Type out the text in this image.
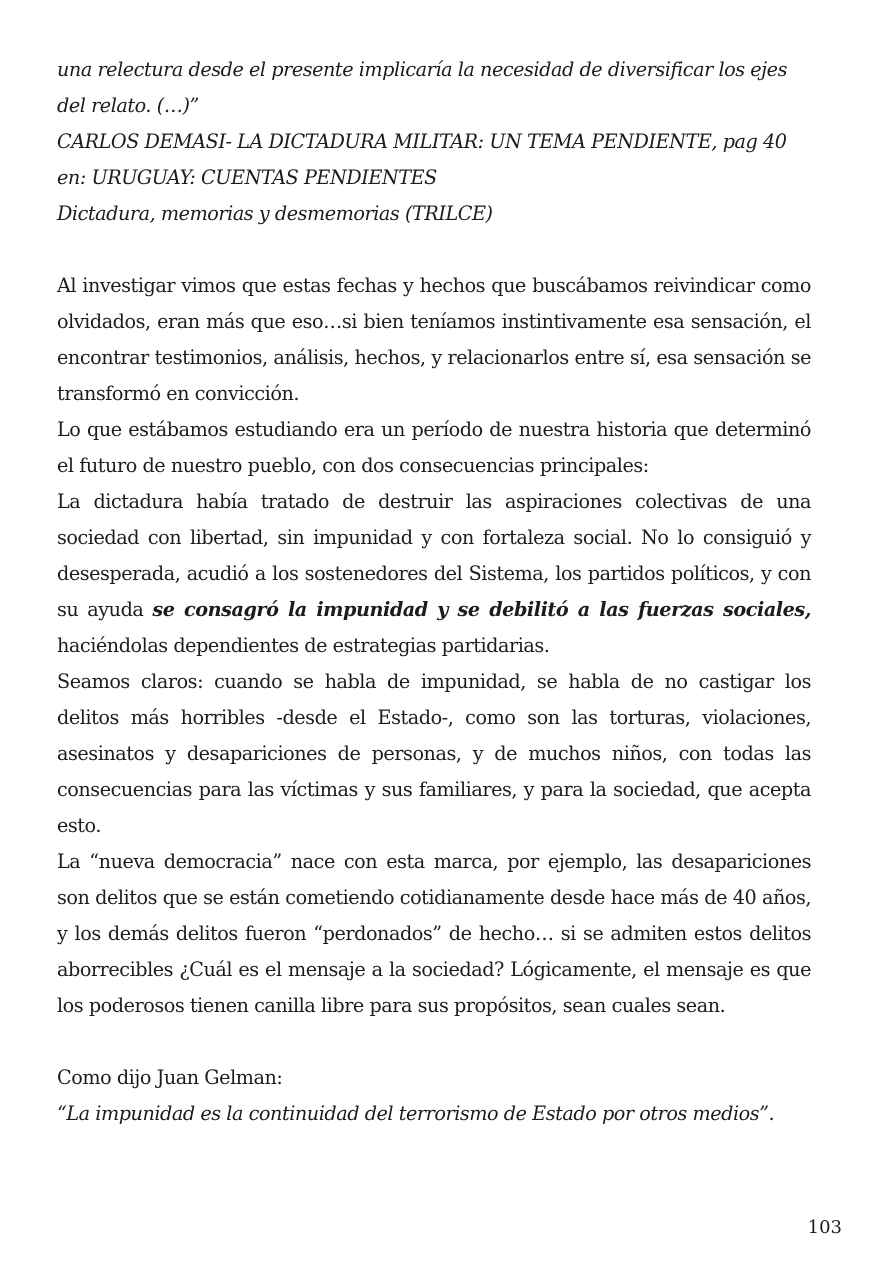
una relectura desde el presente implicaría la necesidad de diversificar los ejes del relato. (…)”

CARLOS DEMASI- LA DICTADURA MILITAR: UN TEMA PENDIENTE, pag 40

en: URUGUAY: CUENTAS PENDIENTES

Dictadura, memorias y desmemorias (TRILCE)

Al investigar vimos que estas fechas y hechos que buscábamos reivindicar como olvidados, eran más que eso…si bien teníamos instintivamente esa sensación, el encontrar testimonios, análisis, hechos, y relacionarlos entre sí, esa sensación se transformó en convicción.

Lo que estábamos estudiando era un período de nuestra historia que determinó el futuro de nuestro pueblo, con dos consecuencias principales:

La dictadura había tratado de destruir las aspiraciones colectivas de una sociedad con libertad, sin impunidad y con fortaleza social. No lo consiguió y desesperada, acudió a los sostenedores del Sistema, los partidos políticos, y con su ayuda se consagró la impunidad y se debilitó a las fuerzas sociales, haciéndolas dependientes de estrategias partidarias.

Seamos claros: cuando se habla de impunidad, se habla de no castigar los delitos más horribles -desde el Estado-, como son las torturas, violaciones, asesinatos y desapariciones de personas, y de muchos niños, con todas las consecuencias para las víctimas y sus familiares, y para la sociedad, que acepta esto.

La “nueva democracia” nace con esta marca, por ejemplo, las desapariciones son delitos que se están cometiendo cotidianamente desde hace más de 40 años, y los demás delitos fueron “perdonados” de hecho… si se admiten estos delitos aborrecibles ¿Cuál es el mensaje a la sociedad? Lógicamente, el mensaje es que los poderosos tienen canilla libre para sus propósitos, sean cuales sean.

Como dijo Juan Gelman:

“La impunidad es la continuidad del terrorismo de Estado por otros medios”.

103
